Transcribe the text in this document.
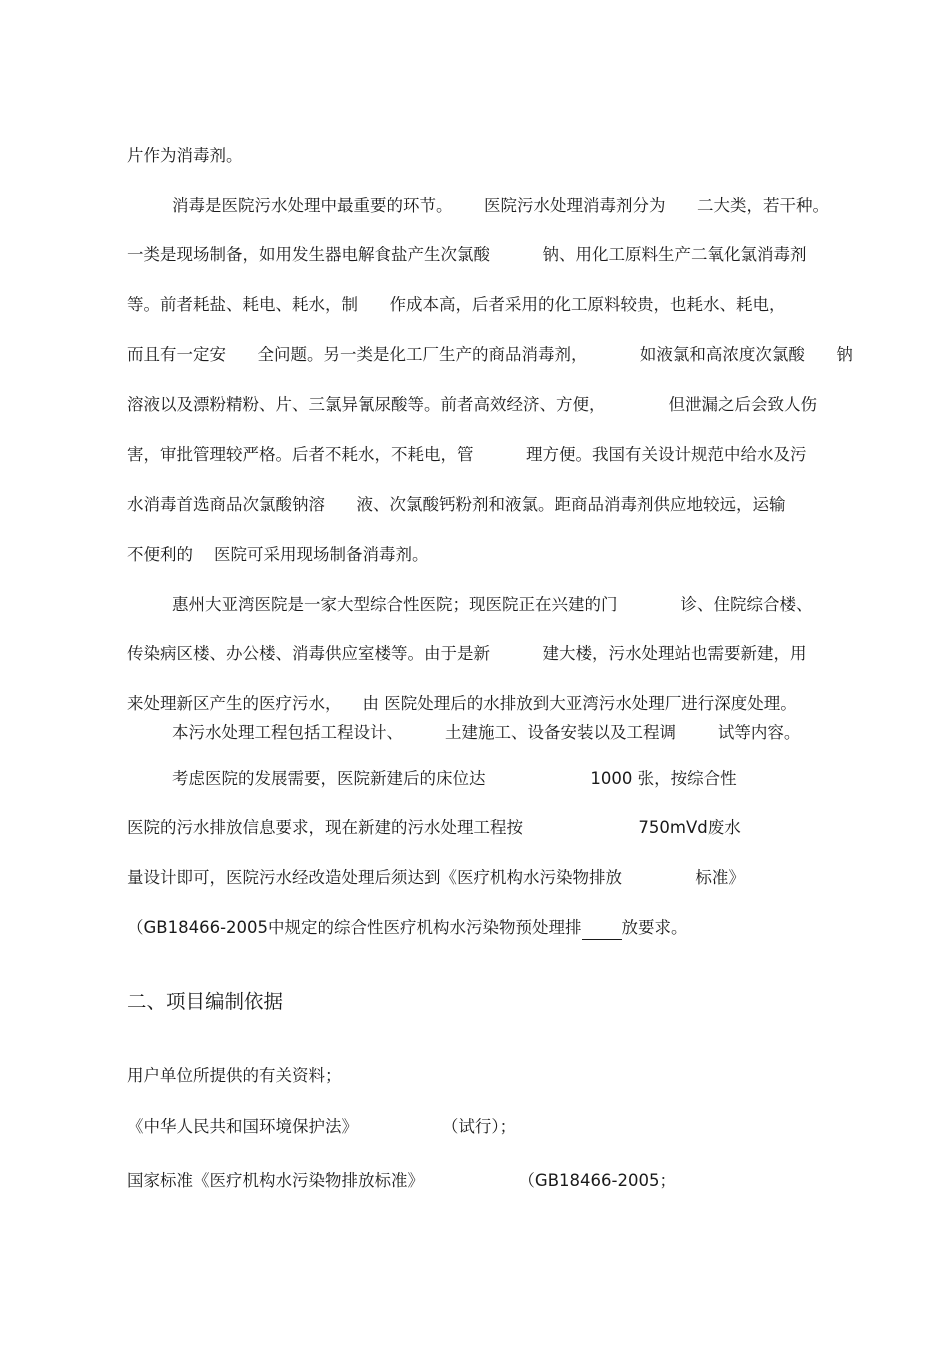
片作为消毒剂。

消毒是医院污水处理中最重要的环节。      医院污水处理消毒剂分为      二大类，若干种。

一类是现场制备，如用发生器电解食盐产生次氯酸          钠、用化工原料生产二氧化氯消毒剂

等。前者耗盐、耗电、耗水，制      作成本高，后者采用的化工原料较贵，也耗水、耗电，

而且有一定安      全问题。另一类是化工厂生产的商品消毒剂，          如液氯和高浓度次氯酸      钠

溶液以及漂粉精粉、片、三氯异氰尿酸等。前者高效经济、方便，            但泄漏之后会致人伤

害，审批管理较严格。后者不耗水，不耗电，管          理方便。我国有关设计规范中给水及污

水消毒首选商品次氯酸钠溶      液、次氯酸钙粉剂和液氯。距商品消毒剂供应地较远，运输

不便利的    医院可采用现场制备消毒剂。

惠州大亚湾医院是一家大型综合性医院；现医院正在兴建的门            诊、住院综合楼、

传染病区楼、办公楼、消毒供应室楼等。由于是新          建大楼，污水处理站也需要新建，用

来处理新区产生的医疗污水，    由 医院处理后的水排放到大亚湾污水处理厂进行深度处理。

本污水处理工程包括工程设计、        土建施工、设备安装以及工程调        试等内容。

考虑医院的发展需要，医院新建后的床位达                    1000 张，按综合性

医院的污水排放信息要求，现在新建的污水处理工程按                      750mVd废水

量设计即可，医院污水经改造处理后须达到《医疗机构水污染物排放              标准》

（GB18466-2005中规定的综合性医疗机构水污染物预处理排 放要求。

二、项目编制依据

用户单位所提供的有关资料；

《中华人民共和国环境保护法》                （试行）；

国家标准《医疗机构水污染物排放标准》                  （GB18466-2005；
